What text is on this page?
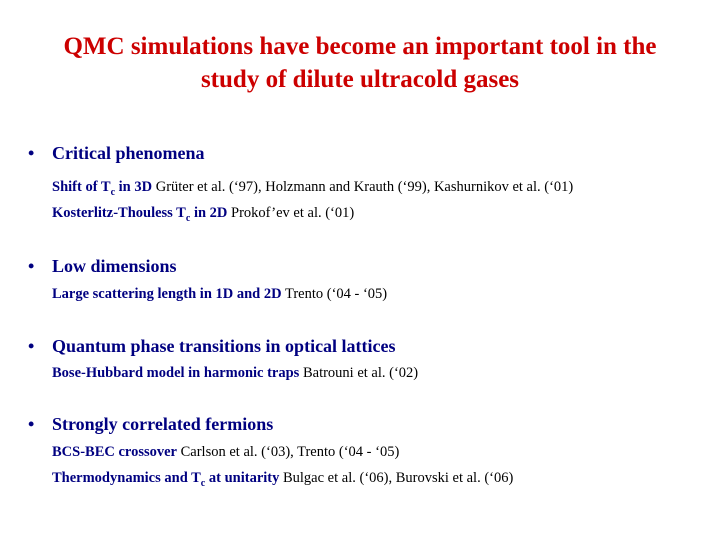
QMC simulations have become an important tool in the
study of dilute ultracold gases
• Critical phenomena
Shift of $T_c$ in 3D Grüter et al. (‘97), Holzmann and Krauth (‘99), Kashurnikov et al. (‘01)
Kosterlitz-Thouless $T_c$ in 2D Prokof’ev et al. (‘01)
• Low dimensions
Large scattering length in 1D and 2D Trento (‘04 - ‘05)
• Quantum phase transitions in optical lattices
Bose-Hubbard model in harmonic traps Batrouni et al. (‘02)
• Strongly correlated fermions
BCS-BEC crossover Carlson et al. (‘03), Trento (‘04 - ‘05)
Thermodynamics and $T_c$ at unitarity Bulgac et al. (‘06), Burovski et al. (‘06)
